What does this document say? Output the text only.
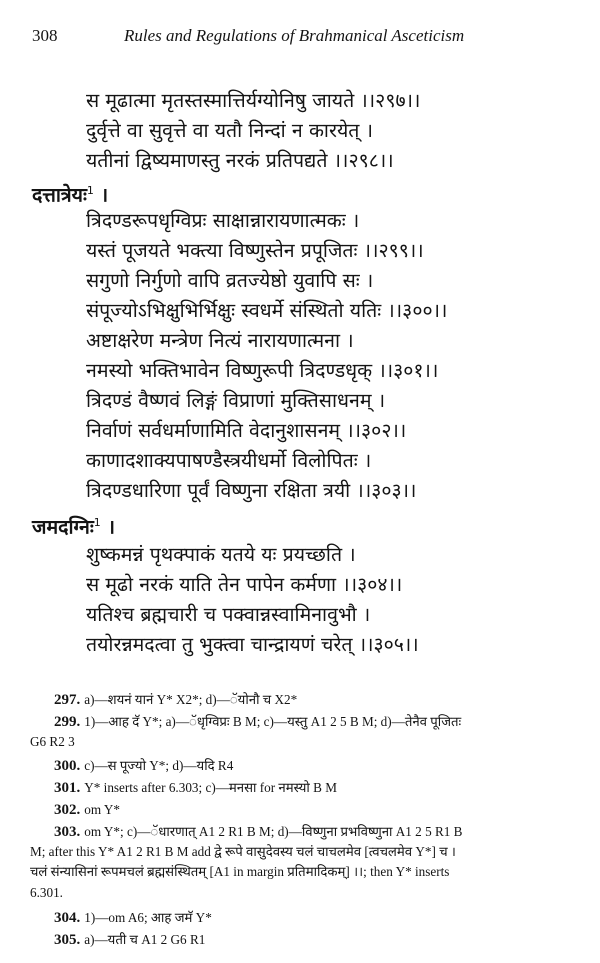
308	Rules and Regulations of Brahmanical Asceticism
स मूढात्मा मृतस्तस्मात्तिर्यग्योनिषु जायते ।।२९७।।
दुर्वृत्ते वा सुवृत्ते वा यतौ निन्दां न कारयेत् ।
यतीनां द्विष्यमाणस्तु नरकं प्रतिपद्यते ।।२९८।।
दत्तात्रेयः$^1$ ।
त्रिदण्डरूपधृग्विप्रः साक्षान्नारायणात्मकः ।
यस्तं पूजयते भक्त्या विष्णुस्तेन प्रपूजितः ।।२९९।।
सगुणो निर्गुणो वापि व्रतज्येष्ठो युवापि सः ।
संपूज्योऽभिक्षुभिर्भिक्षुः स्वधर्मे संस्थितो यतिः ।।३००।।
अष्टाक्षरेण मन्त्रेण नित्यं नारायणात्मना ।
नमस्यो भक्तिभावेन विष्णुरूपी त्रिदण्डधृक् ।।३०१।।
त्रिदण्डं वैष्णवं लिङ्गं विप्राणां मुक्तिसाधनम् ।
निर्वाणं सर्वधर्माणामिति वेदानुशासनम् ।।३०२।।
काणादशाक्यपाषण्डैस्त्रयीधर्मो विलोपितः ।
त्रिदण्डधारिणा पूर्वं विष्णुना रक्षिता त्रयी ।।३०३।।
जमदग्निः$^1$ ।
शुष्कमन्नं पृथक्पाकं यतये यः प्रयच्छति ।
स मूढो नरकं याति तेन पापेन कर्मणा ।।३०४।।
यतिश्च ब्रह्मचारी च पक्वान्नस्वामिनावुभौ ।
तयोरन्नमदत्वा तु भुक्त्वा चान्द्रायणं चरेत् ।।३०५।।
297. a)—शयनं यानं Y* X2*; d)—ॅयोनौ च X2*
299. 1)—आह दॅ Y*; a)—ॅधृग्विप्रः B M; c)—यस्तु A1 2 5 B M; d)—तेनैव पूजितः
G6 R2 3
300. c)—स पूज्यो Y*; d)—यदि R4
301. Y* inserts after 6.303; c)—मनसा for नमस्यो B M
302. om Y*
303. om Y*; c)—ॅधारणात् A1 2 R1 B M; d)—विष्णुना प्रभविष्णुना A1 2 5 R1 B
M; after this Y* A1 2 R1 B M add द्वे रूपे वासुदेवस्य चलं चाचलमेव [त्वचलमेव Y*] च ।
चलं संन्यासिनां रूपमचलं ब्रह्मसंस्थितम् [A1 in margin प्रतिमादिकम्] ।।; then Y* inserts
6.301.
304. 1)—om A6; आह जमॅ Y*
305. a)—यती च A1 2 G6 R1
